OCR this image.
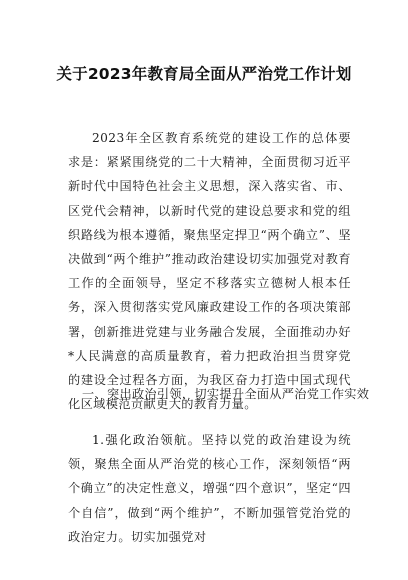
关于2023年教育局全面从严治党工作计划

2023年全区教育系统党的建设工作的总体要求是：紧紧围绕党的二十大精神，全面贯彻习近平新时代中国特色社会主义思想，深入落实省、市、区党代会精神，以新时代党的建设总要求和党的组织路线为根本遵循，聚焦坚定捍卫“两个确立”、坚决做到“两个维护”推动政治建设切实加强党对教育工作的全面领导，坚定不移落实立德树人根本任务，深入贯彻落实党风廉政建设工作的各项决策部署，创新推进党建与业务融合发展，全面推动办好*人民满意的高质量教育，着力把政治担当贯穿党的建设全过程各方面，为我区奋力打造中国式现代化区域模范贡献更大的教育力量。

一、突出政治引领，切实提升全面从严治党工作实效

1.强化政治领航。坚持以党的政治建设为统领，聚焦全面从严治党的核心工作，深刻领悟“两个确立”的决定性意义，增强“四个意识”，坚定“四个自信”，做到“两个维护”，不断加强管党治党的政治定力。切实加强党对
